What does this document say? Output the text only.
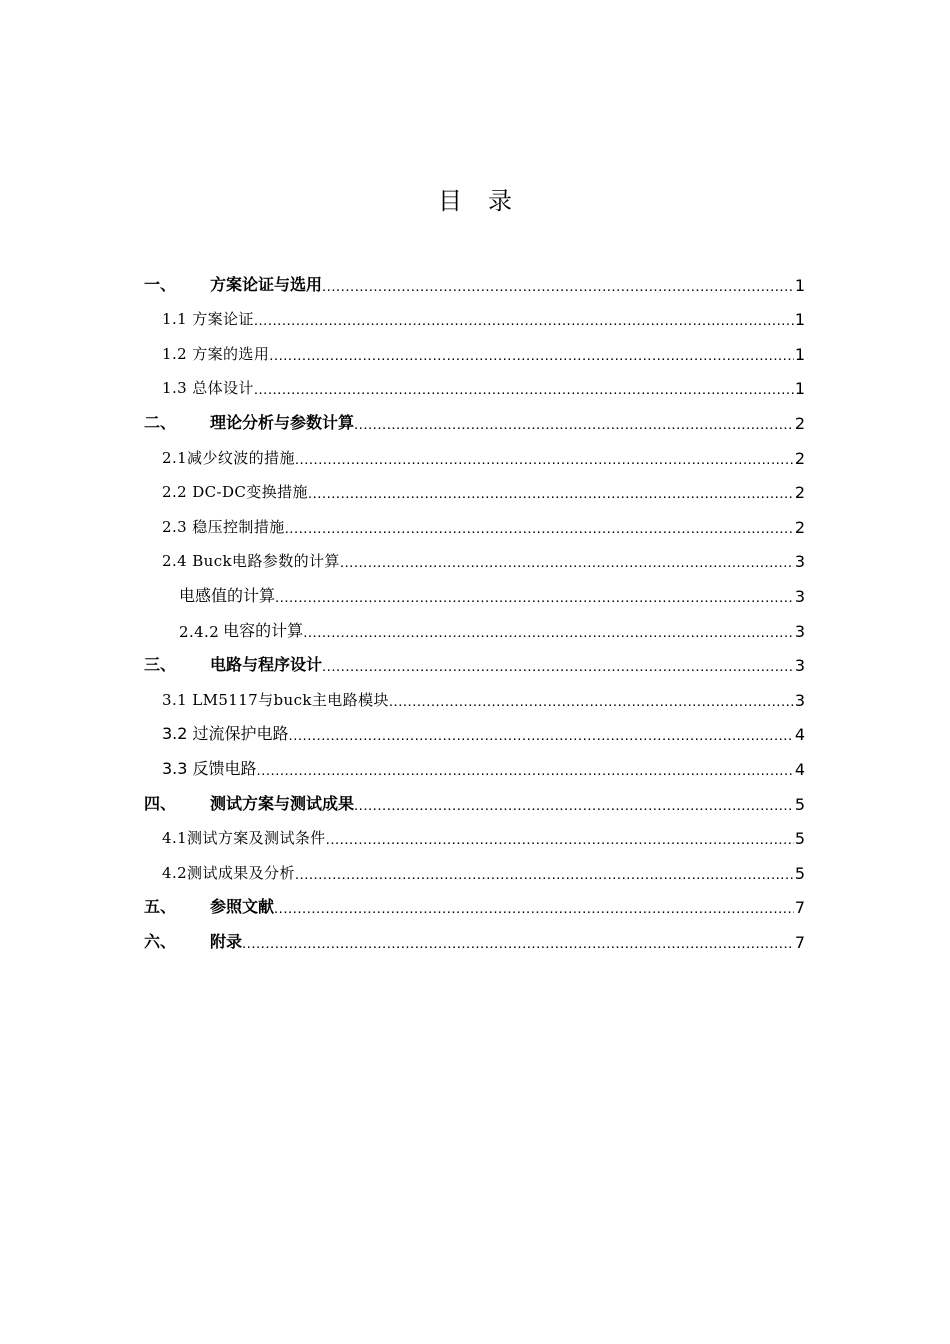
目 录
一、	方案论证与选用 .....	1
1.1 方案论证 .....	1
1.2 方案的选用 .....	1
1.3 总体设计 .....	1
二、	理论分析与参数计算 .....	2
2.1减少纹波的措施 .....	2
2.2 DC-DC变换措施 .....	2
2.3 稳压控制措施 .....	2
2.4 Buck电路参数的计算 .....	3
电感值的计算 .....	3
2.4.2 电容的计算 .....	3
三、	电路与程序设计 .....	3
3.1 LM5117与buck主电路模块 .....	3
3.2 过流保护电路 .....	4
3.3 反馈电路 .....	4
四、	测试方案与测试成果 .....	5
4.1测试方案及测试条件 .....	5
4.2测试成果及分析 .....	5
五、	参照文献 .....	7
六、	附录 .....	7
